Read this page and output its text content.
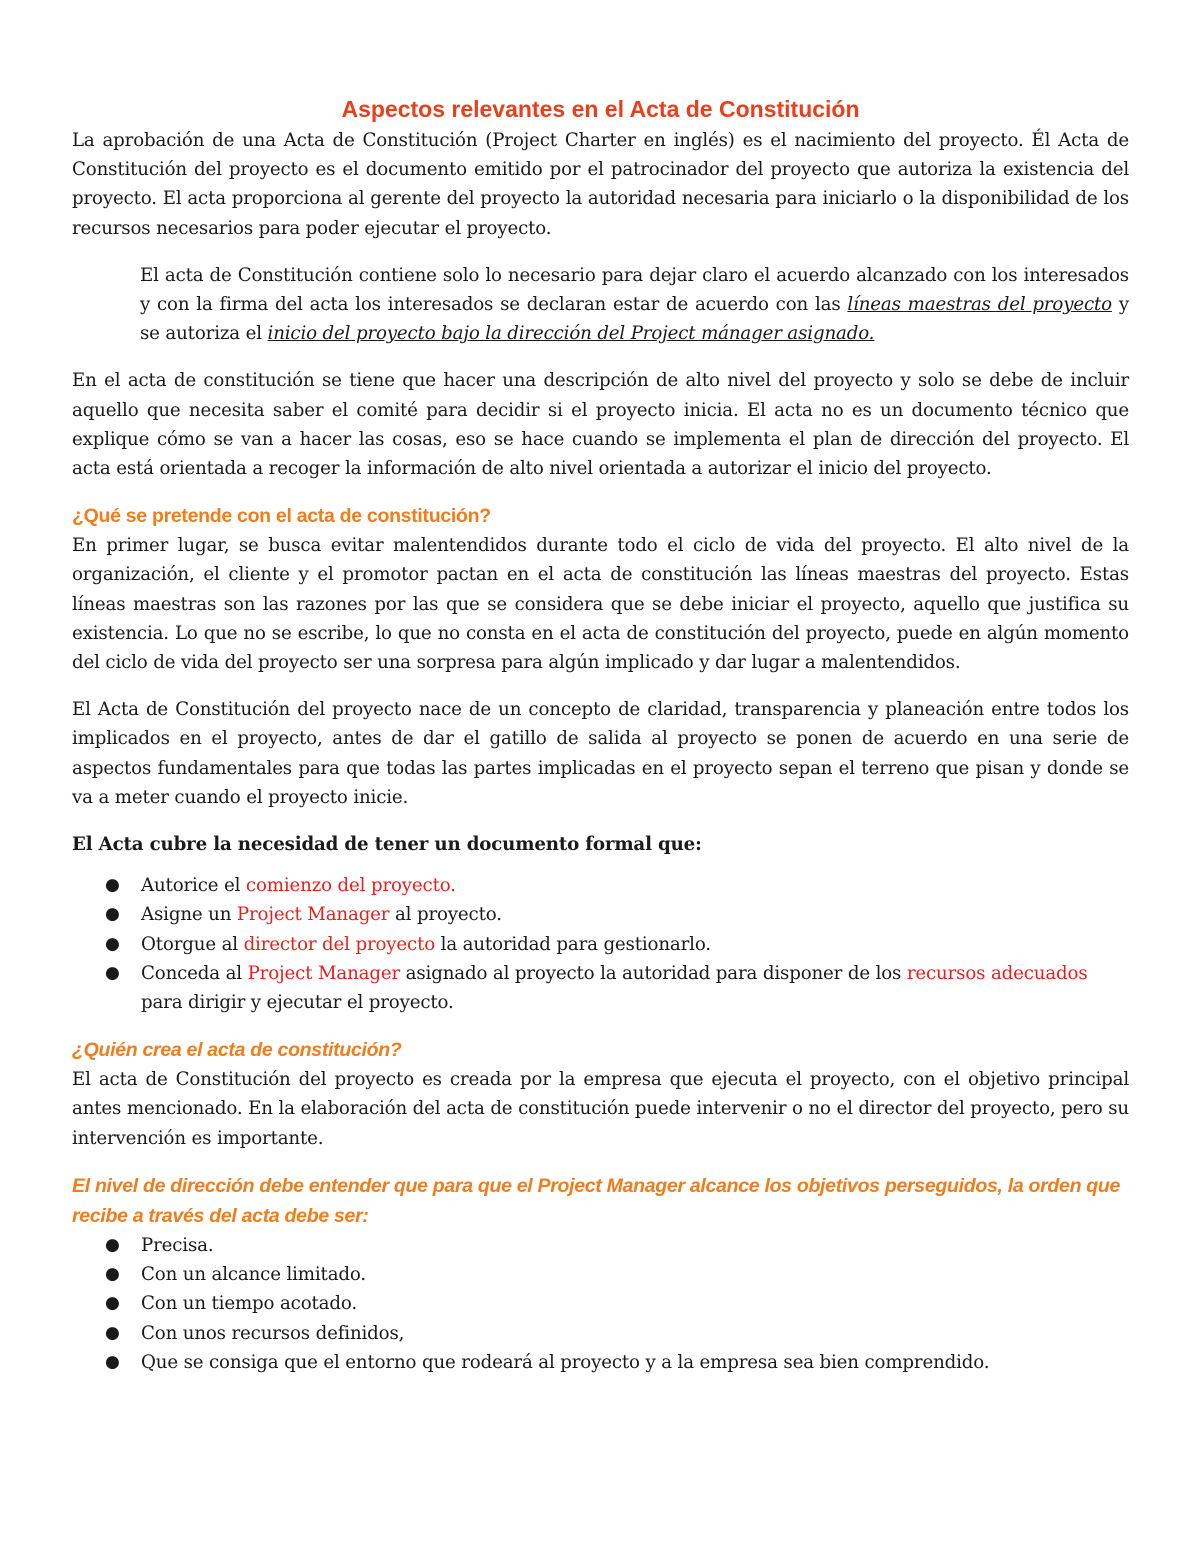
Aspectos relevantes en el Acta de Constitución

La aprobación de una Acta de Constitución (Project Charter en inglés) es el nacimiento del proyecto. Él Acta de Constitución del proyecto es el documento emitido por el patrocinador del proyecto que autoriza la existencia del proyecto. El acta proporciona al gerente del proyecto la autoridad necesaria para iniciarlo o la disponibilidad de los recursos necesarios para poder ejecutar el proyecto.

El acta de Constitución contiene solo lo necesario para dejar claro el acuerdo alcanzado con los interesados y con la firma del acta los interesados se declaran estar de acuerdo con las líneas maestras del proyecto y se autoriza el inicio del proyecto bajo la dirección del Project mánager asignado.

En el acta de constitución se tiene que hacer una descripción de alto nivel del proyecto y solo se debe de incluir aquello que necesita saber el comité para decidir si el proyecto inicia. El acta no es un documento técnico que explique cómo se van a hacer las cosas, eso se hace cuando se implementa el plan de dirección del proyecto. El acta está orientada a recoger la información de alto nivel orientada a autorizar el inicio del proyecto.

¿Qué se pretende con el acta de constitución?

En primer lugar, se busca evitar malentendidos durante todo el ciclo de vida del proyecto. El alto nivel de la organización, el cliente y el promotor pactan en el acta de constitución las líneas maestras del proyecto. Estas líneas maestras son las razones por las que se considera que se debe iniciar el proyecto, aquello que justifica su existencia. Lo que no se escribe, lo que no consta en el acta de constitución del proyecto, puede en algún momento del ciclo de vida del proyecto ser una sorpresa para algún implicado y dar lugar a malentendidos.

El Acta de Constitución del proyecto nace de un concepto de claridad, transparencia y planeación entre todos los implicados en el proyecto, antes de dar el gatillo de salida al proyecto se ponen de acuerdo en una serie de aspectos fundamentales para que todas las partes implicadas en el proyecto sepan el terreno que pisan y donde se va a meter cuando el proyecto inicie.

El Acta cubre la necesidad de tener un documento formal que:

● Autorice el comienzo del proyecto.
● Asigne un Project Manager al proyecto.
● Otorgue al director del proyecto la autoridad para gestionarlo.
● Conceda al Project Manager asignado al proyecto la autoridad para disponer de los recursos adecuados para dirigir y ejecutar el proyecto.
¿Quién crea el acta de constitución?

El acta de Constitución del proyecto es creada por la empresa que ejecuta el proyecto, con el objetivo principal antes mencionado. En la elaboración del acta de constitución puede intervenir o no el director del proyecto, pero su intervención es importante.

El nivel de dirección debe entender que para que el Project Manager alcance los objetivos perseguidos, la orden que recibe a través del acta debe ser:
● Precisa.
● Con un alcance limitado.
● Con un tiempo acotado.
● Con unos recursos definidos,
● Que se consiga que el entorno que rodeará al proyecto y a la empresa sea bien comprendido.
